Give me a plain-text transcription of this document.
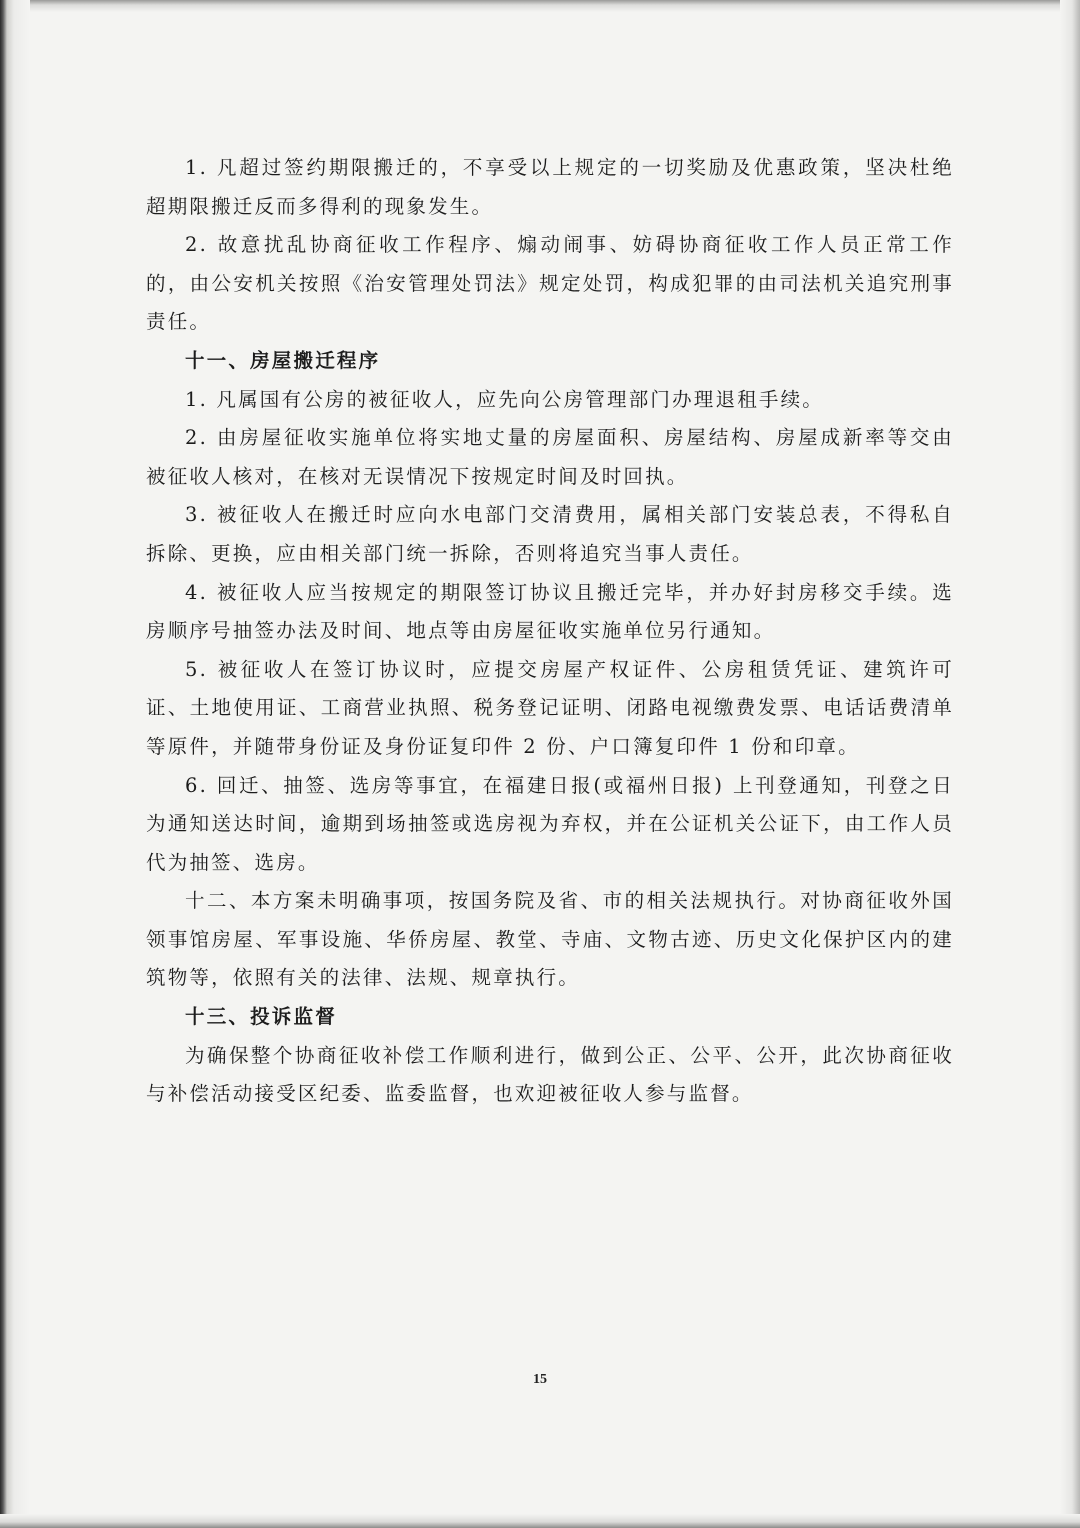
1. 凡超过签约期限搬迁的，不享受以上规定的一切奖励及优惠政策，坚决杜绝超期限搬迁反而多得利的现象发生。

2. 故意扰乱协商征收工作程序、煽动闹事、妨碍协商征收工作人员正常工作的，由公安机关按照《治安管理处罚法》规定处罚，构成犯罪的由司法机关追究刑事责任。

十一、房屋搬迁程序

1. 凡属国有公房的被征收人，应先向公房管理部门办理退租手续。

2. 由房屋征收实施单位将实地丈量的房屋面积、房屋结构、房屋成新率等交由被征收人核对，在核对无误情况下按规定时间及时回执。

3. 被征收人在搬迁时应向水电部门交清费用，属相关部门安装总表，不得私自拆除、更换，应由相关部门统一拆除，否则将追究当事人责任。

4. 被征收人应当按规定的期限签订协议且搬迁完毕，并办好封房移交手续。选房顺序号抽签办法及时间、地点等由房屋征收实施单位另行通知。

5. 被征收人在签订协议时，应提交房屋产权证件、公房租赁凭证、建筑许可证、土地使用证、工商营业执照、税务登记证明、闭路电视缴费发票、电话话费清单等原件，并随带身份证及身份证复印件 2 份、户口簿复印件 1 份和印章。

6. 回迁、抽签、选房等事宜，在福建日报(或福州日报) 上刊登通知，刊登之日为通知送达时间，逾期到场抽签或选房视为弃权，并在公证机关公证下，由工作人员代为抽签、选房。

十二、本方案未明确事项，按国务院及省、市的相关法规执行。对协商征收外国领事馆房屋、军事设施、华侨房屋、教堂、寺庙、文物古迹、历史文化保护区内的建筑物等，依照有关的法律、法规、规章执行。

十三、投诉监督

为确保整个协商征收补偿工作顺利进行，做到公正、公平、公开，此次协商征收与补偿活动接受区纪委、监委监督，也欢迎被征收人参与监督。

15
